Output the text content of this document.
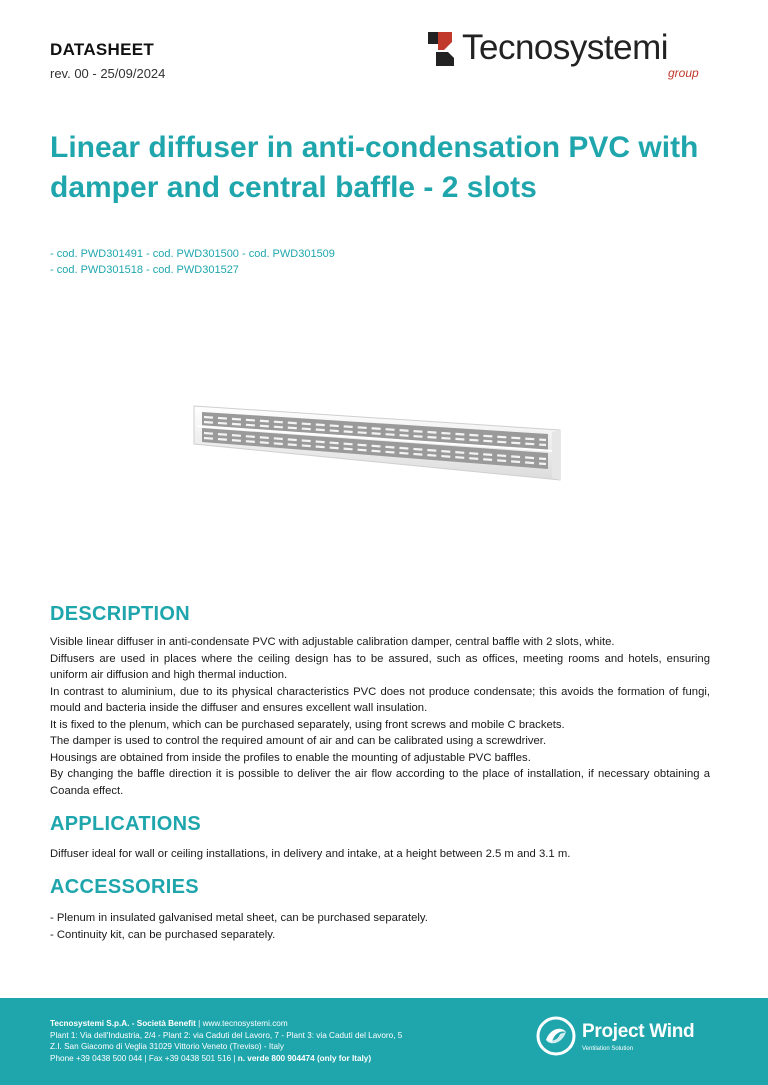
DATASHEET
rev. 00 - 25/09/2024
Tecnosystemi
group
Linear diffuser in anti-condensation PVC with damper and central baffle - 2 slots
- cod. PWD301491 - cod. PWD301500 - cod. PWD301509
- cod. PWD301518 - cod. PWD301527
DESCRIPTION

Visible linear diffuser in anti-condensate PVC with adjustable calibration damper, central baffle with 2 slots, white.

Diffusers are used in places where the ceiling design has to be assured, such as offices, meeting rooms and hotels, ensuring uniform air diffusion and high thermal induction.

In contrast to aluminium, due to its physical characteristics PVC does not produce condensate; this avoids the formation of fungi, mould and bacteria inside the diffuser and ensures excellent wall insulation.

It is fixed to the plenum, which can be purchased separately, using front screws and mobile C brackets.

The damper is used to control the required amount of air and can be calibrated using a screwdriver.

Housings are obtained from inside the profiles to enable the mounting of adjustable PVC baffles.

By changing the baffle direction it is possible to deliver the air flow according to the place of installation, if necessary obtaining a Coanda effect.

APPLICATIONS
Diffuser ideal for wall or ceiling installations, in delivery and intake, at a height between 2.5 m and 3.1 m.
ACCESSORIES

- Plenum in insulated galvanised metal sheet, can be purchased separately.

- Continuity kit, can be purchased separately.

Tecnosystemi S.p.A. - Società Benefit | www.tecnosystemi.com
Plant 1: Via dell'Industria, 2/4 - Plant 2: via Caduti del Lavoro, 7 - Plant 3: via Caduti del Lavoro, 5
Z.I. San Giacomo di Veglia 31029 Vittorio Veneto (Treviso) - Italy
Phone +39 0438 500 044 | Fax +39 0438 501 516 | n. verde 800 904474 (only for Italy)
Project Wind
Ventilation Solution
